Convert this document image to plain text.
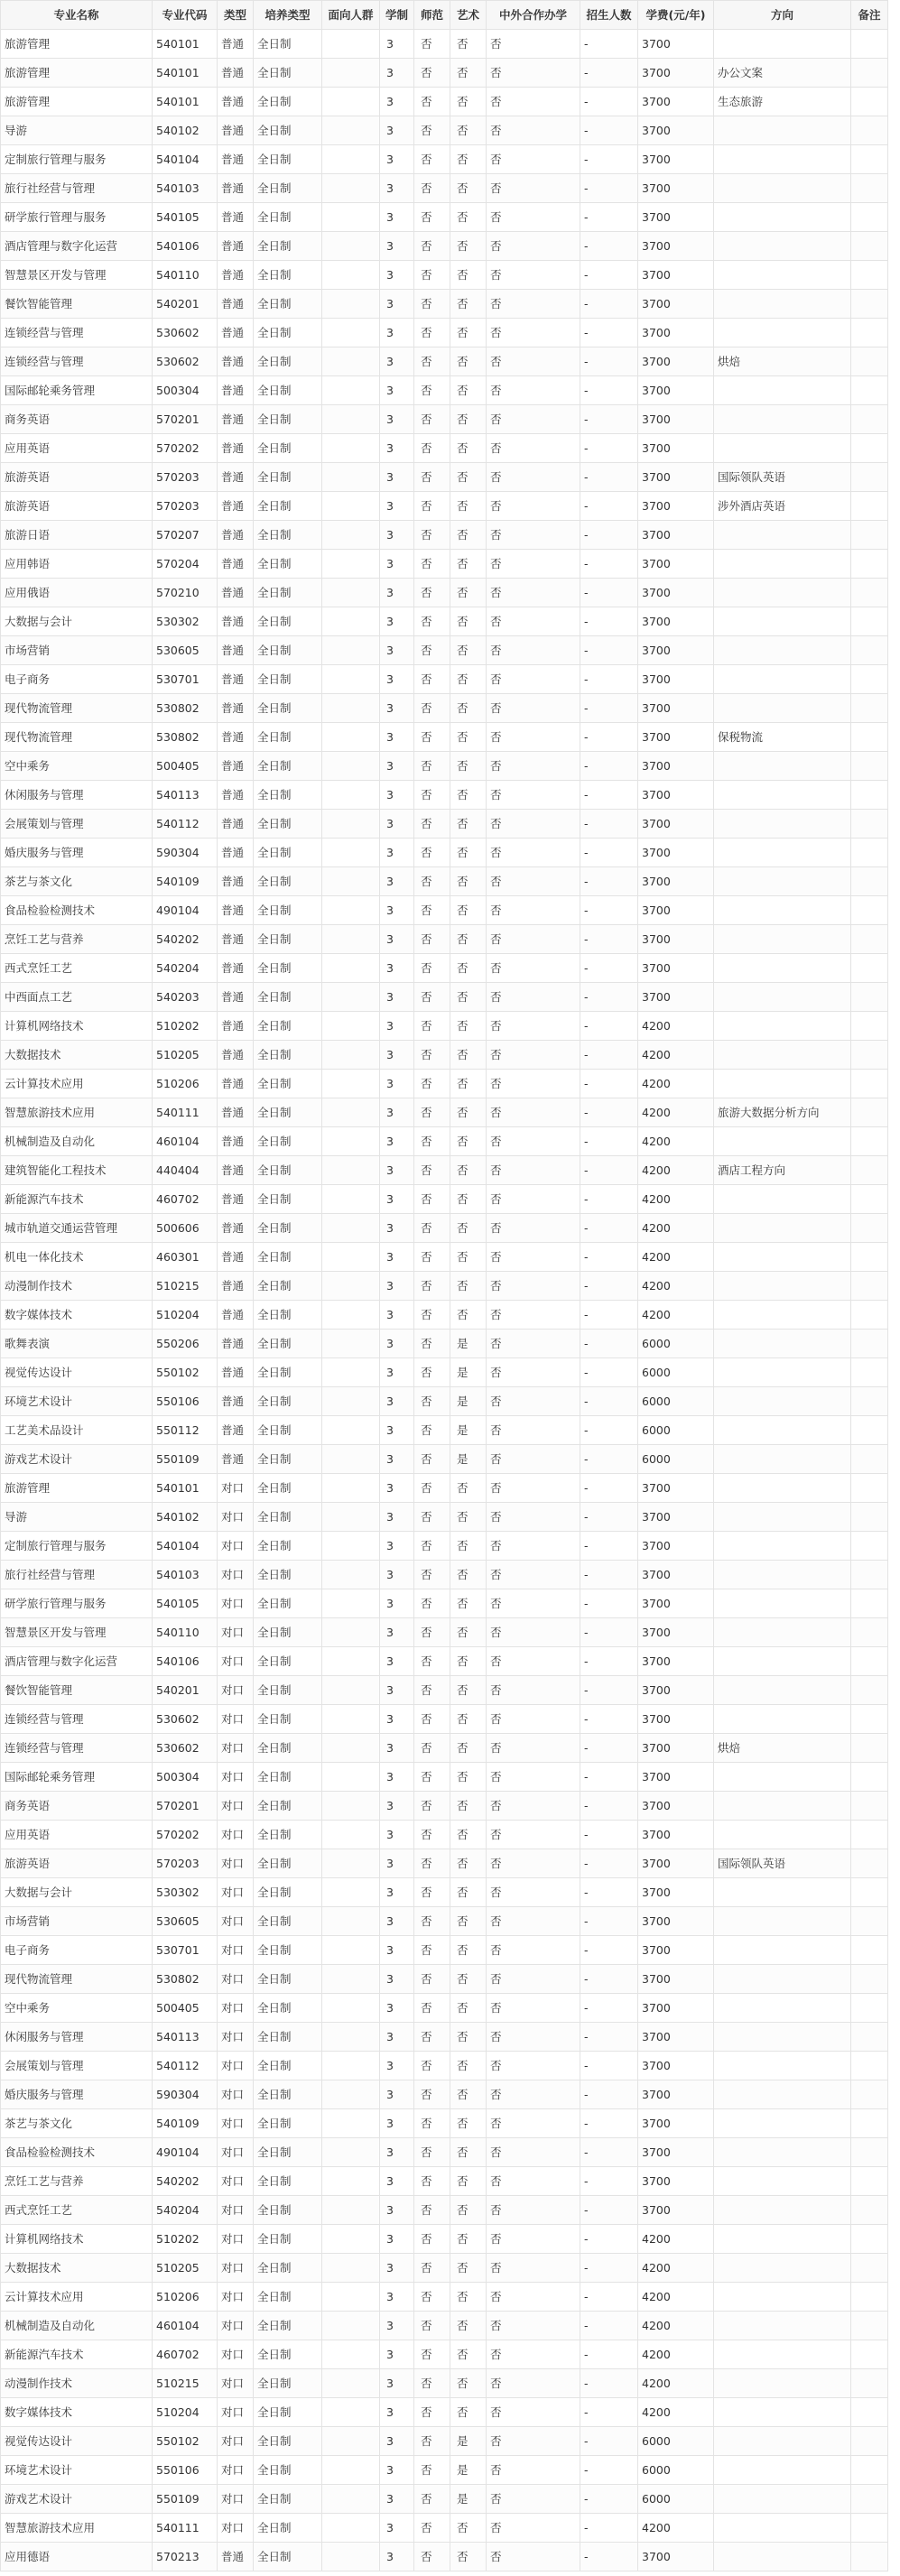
专业名称	专业代码	类型	培养类型	面向人群	学制	师范	艺术	中外合作办学	招生人数	学费(元/年)	方向	备注
旅游管理	540101	普通	全日制		3	否	否	否	-	3700		
旅游管理	540101	普通	全日制		3	否	否	否	-	3700	办公文案	
旅游管理	540101	普通	全日制		3	否	否	否	-	3700	生态旅游	
导游	540102	普通	全日制		3	否	否	否	-	3700		
定制旅行管理与服务	540104	普通	全日制		3	否	否	否	-	3700		
旅行社经营与管理	540103	普通	全日制		3	否	否	否	-	3700		
研学旅行管理与服务	540105	普通	全日制		3	否	否	否	-	3700		
酒店管理与数字化运营	540106	普通	全日制		3	否	否	否	-	3700		
智慧景区开发与管理	540110	普通	全日制		3	否	否	否	-	3700		
餐饮智能管理	540201	普通	全日制		3	否	否	否	-	3700		
连锁经营与管理	530602	普通	全日制		3	否	否	否	-	3700		
连锁经营与管理	530602	普通	全日制		3	否	否	否	-	3700	烘焙	
国际邮轮乘务管理	500304	普通	全日制		3	否	否	否	-	3700		
商务英语	570201	普通	全日制		3	否	否	否	-	3700		
应用英语	570202	普通	全日制		3	否	否	否	-	3700		
旅游英语	570203	普通	全日制		3	否	否	否	-	3700	国际领队英语	
旅游英语	570203	普通	全日制		3	否	否	否	-	3700	涉外酒店英语	
旅游日语	570207	普通	全日制		3	否	否	否	-	3700		
应用韩语	570204	普通	全日制		3	否	否	否	-	3700		
应用俄语	570210	普通	全日制		3	否	否	否	-	3700		
大数据与会计	530302	普通	全日制		3	否	否	否	-	3700		
市场营销	530605	普通	全日制		3	否	否	否	-	3700		
电子商务	530701	普通	全日制		3	否	否	否	-	3700		
现代物流管理	530802	普通	全日制		3	否	否	否	-	3700		
现代物流管理	530802	普通	全日制		3	否	否	否	-	3700	保税物流	
空中乘务	500405	普通	全日制		3	否	否	否	-	3700		
休闲服务与管理	540113	普通	全日制		3	否	否	否	-	3700		
会展策划与管理	540112	普通	全日制		3	否	否	否	-	3700		
婚庆服务与管理	590304	普通	全日制		3	否	否	否	-	3700		
茶艺与茶文化	540109	普通	全日制		3	否	否	否	-	3700		
食品检验检测技术	490104	普通	全日制		3	否	否	否	-	3700		
烹饪工艺与营养	540202	普通	全日制		3	否	否	否	-	3700		
西式烹饪工艺	540204	普通	全日制		3	否	否	否	-	3700		
中西面点工艺	540203	普通	全日制		3	否	否	否	-	3700		
计算机网络技术	510202	普通	全日制		3	否	否	否	-	4200		
大数据技术	510205	普通	全日制		3	否	否	否	-	4200		
云计算技术应用	510206	普通	全日制		3	否	否	否	-	4200		
智慧旅游技术应用	540111	普通	全日制		3	否	否	否	-	4200	旅游大数据分析方向	
机械制造及自动化	460104	普通	全日制		3	否	否	否	-	4200		
建筑智能化工程技术	440404	普通	全日制		3	否	否	否	-	4200	酒店工程方向	
新能源汽车技术	460702	普通	全日制		3	否	否	否	-	4200		
城市轨道交通运营管理	500606	普通	全日制		3	否	否	否	-	4200		
机电一体化技术	460301	普通	全日制		3	否	否	否	-	4200		
动漫制作技术	510215	普通	全日制		3	否	否	否	-	4200		
数字媒体技术	510204	普通	全日制		3	否	否	否	-	4200		
歌舞表演	550206	普通	全日制		3	否	是	否	-	6000		
视觉传达设计	550102	普通	全日制		3	否	是	否	-	6000		
环境艺术设计	550106	普通	全日制		3	否	是	否	-	6000		
工艺美术品设计	550112	普通	全日制		3	否	是	否	-	6000		
游戏艺术设计	550109	普通	全日制		3	否	是	否	-	6000		
旅游管理	540101	对口	全日制		3	否	否	否	-	3700		
导游	540102	对口	全日制		3	否	否	否	-	3700		
定制旅行管理与服务	540104	对口	全日制		3	否	否	否	-	3700		
旅行社经营与管理	540103	对口	全日制		3	否	否	否	-	3700		
研学旅行管理与服务	540105	对口	全日制		3	否	否	否	-	3700		
智慧景区开发与管理	540110	对口	全日制		3	否	否	否	-	3700		
酒店管理与数字化运营	540106	对口	全日制		3	否	否	否	-	3700		
餐饮智能管理	540201	对口	全日制		3	否	否	否	-	3700		
连锁经营与管理	530602	对口	全日制		3	否	否	否	-	3700		
连锁经营与管理	530602	对口	全日制		3	否	否	否	-	3700	烘焙	
国际邮轮乘务管理	500304	对口	全日制		3	否	否	否	-	3700		
商务英语	570201	对口	全日制		3	否	否	否	-	3700		
应用英语	570202	对口	全日制		3	否	否	否	-	3700		
旅游英语	570203	对口	全日制		3	否	否	否	-	3700	国际领队英语	
大数据与会计	530302	对口	全日制		3	否	否	否	-	3700		
市场营销	530605	对口	全日制		3	否	否	否	-	3700		
电子商务	530701	对口	全日制		3	否	否	否	-	3700		
现代物流管理	530802	对口	全日制		3	否	否	否	-	3700		
空中乘务	500405	对口	全日制		3	否	否	否	-	3700		
休闲服务与管理	540113	对口	全日制		3	否	否	否	-	3700		
会展策划与管理	540112	对口	全日制		3	否	否	否	-	3700		
婚庆服务与管理	590304	对口	全日制		3	否	否	否	-	3700		
茶艺与茶文化	540109	对口	全日制		3	否	否	否	-	3700		
食品检验检测技术	490104	对口	全日制		3	否	否	否	-	3700		
烹饪工艺与营养	540202	对口	全日制		3	否	否	否	-	3700		
西式烹饪工艺	540204	对口	全日制		3	否	否	否	-	3700		
计算机网络技术	510202	对口	全日制		3	否	否	否	-	4200		
大数据技术	510205	对口	全日制		3	否	否	否	-	4200		
云计算技术应用	510206	对口	全日制		3	否	否	否	-	4200		
机械制造及自动化	460104	对口	全日制		3	否	否	否	-	4200		
新能源汽车技术	460702	对口	全日制		3	否	否	否	-	4200		
动漫制作技术	510215	对口	全日制		3	否	否	否	-	4200		
数字媒体技术	510204	对口	全日制		3	否	否	否	-	4200		
视觉传达设计	550102	对口	全日制		3	否	是	否	-	6000		
环境艺术设计	550106	对口	全日制		3	否	是	否	-	6000		
游戏艺术设计	550109	对口	全日制		3	否	是	否	-	6000		
智慧旅游技术应用	540111	对口	全日制		3	否	否	否	-	4200		
应用德语	570213	普通	全日制		3	否	否	否	-	3700		
